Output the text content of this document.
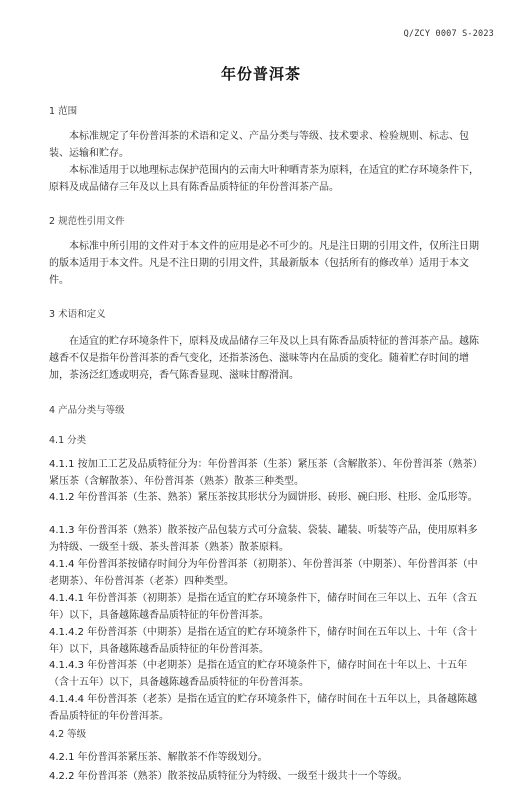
Q/ZCY 0007 S-2023
年份普洱茶
1 范围
本标准规定了年份普洱茶的术语和定义、产品分类与等级、技术要求、检验规则、标志、包装、运输和贮存。
本标准适用于以地理标志保护范围内的云南大叶种晒青茶为原料，在适宜的贮存环境条件下，原料及成品储存三年及以上具有陈香品质特征的年份普洱茶产品。
2 规范性引用文件
本标准中所引用的文件对于本文件的应用是必不可少的。凡是注日期的引用文件，仅所注日期的版本适用于本文件。凡是不注日期的引用文件，其最新版本（包括所有的修改单）适用于本文件。
3 术语和定义
在适宜的贮存环境条件下，原料及成品储存三年及以上具有陈香品质特征的普洱茶产品。越陈越香不仅是指年份普洱茶的香气变化，还指茶汤色、滋味等内在品质的变化。随着贮存时间的增加，茶汤泛红透或明亮，香气陈香显现、滋味甘醇滑润。
4 产品分类与等级
4.1 分类
4.1.1 按加工工艺及品质特征分为：年份普洱茶（生茶）紧压茶（含解散茶）、年份普洱茶（熟茶）紧压茶（含解散茶）、年份普洱茶（熟茶）散茶三种类型。
4.1.2 年份普洱茶（生茶、熟茶）紧压茶按其形状分为圆饼形、砖形、碗臼形、柱形、金瓜形等。
4.1.3 年份普洱茶（熟茶）散茶按产品包装方式可分盒装、袋装、罐装、听装等产品，使用原料多为特级、一级至十级、茶头普洱茶（熟茶）散茶原料。
4.1.4 年份普洱茶按储存时间分为年份普洱茶（初期茶）、年份普洱茶（中期茶）、年份普洱茶（中老期茶）、年份普洱茶（老茶）四种类型。
4.1.4.1 年份普洱茶（初期茶）是指在适宜的贮存环境条件下，储存时间在三年以上、五年（含五年）以下，具备越陈越香品质特征的年份普洱茶。
4.1.4.2 年份普洱茶（中期茶）是指在适宜的贮存环境条件下，储存时间在五年以上、十年（含十年）以下，具备越陈越香品质特征的年份普洱茶。
4.1.4.3 年份普洱茶（中老期茶）是指在适宜的贮存环境条件下，储存时间在十年以上、十五年（含十五年）以下，具备越陈越香品质特征的年份普洱茶。
4.1.4.4 年份普洱茶（老茶）是指在适宜的贮存环境条件下，储存时间在十五年以上，具备越陈越香品质特征的年份普洱茶。
4.2 等级
4.2.1 年份普洱茶紧压茶、解散茶不作等级划分。
4.2.2 年份普洱茶（熟茶）散茶按品质特征分为特级、一级至十级共十一个等级。
